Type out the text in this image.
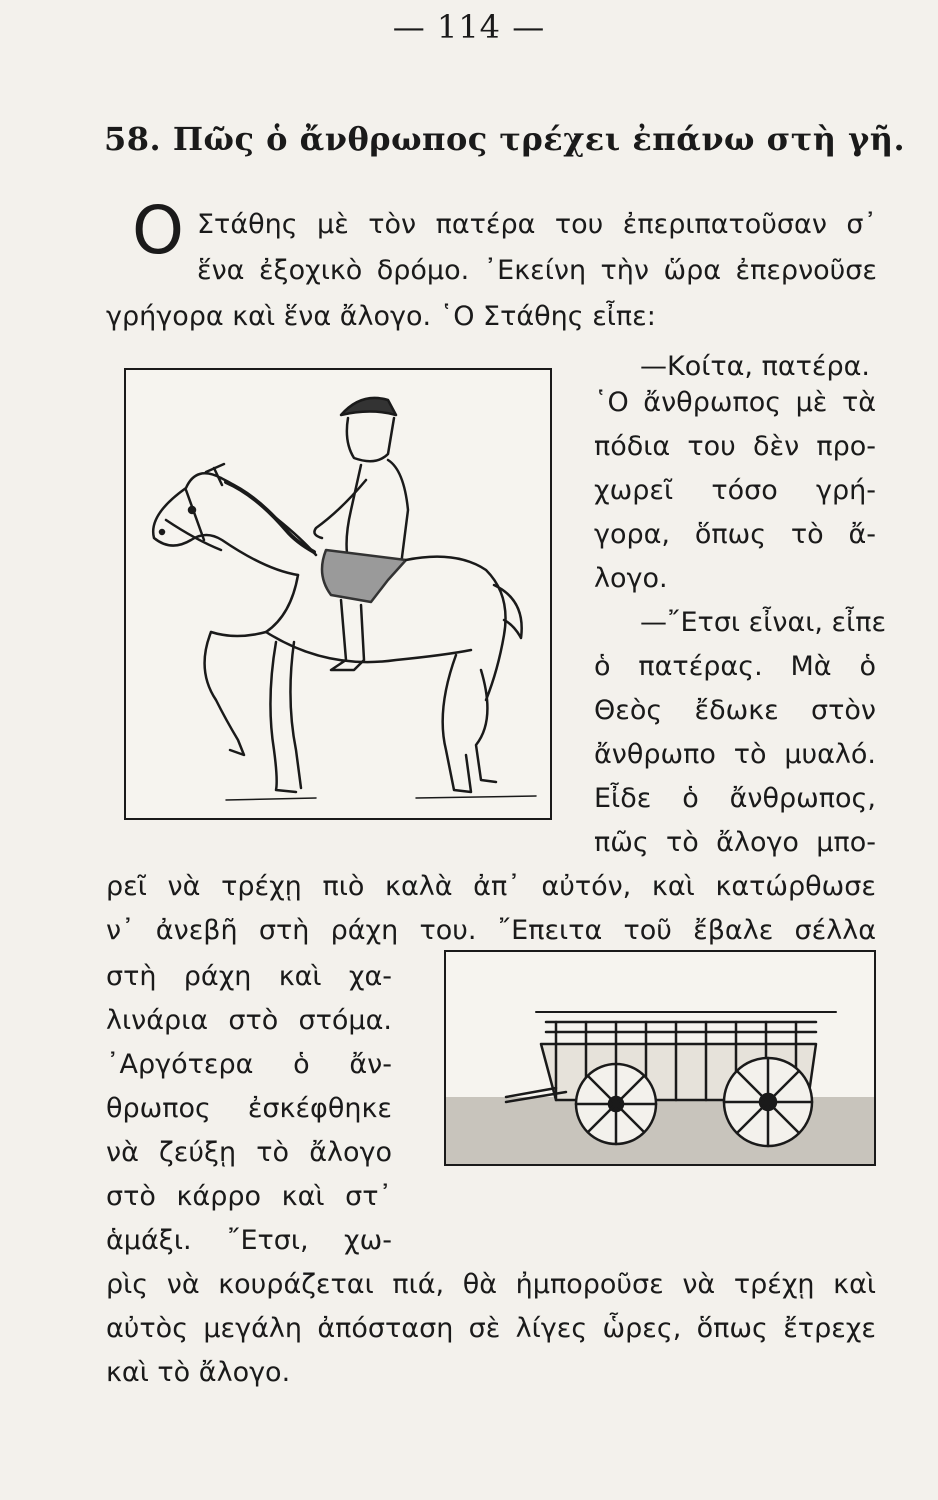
— 114 —
58. Πῶς ὁ ἄνθρωπος τρέχει ἐπάνω στὴ γῆ.
Ο Στάθης μὲ τὸν πατέρα του ἐπεριπατοῦσαν σ᾽
ἕνα ἐξοχικὸ δρόμο. ᾽Εκείνη τὴν ὥρα ἐπερνοῦσε
γρήγορα καὶ ἕνα ἄλογο. ῾Ο Στάθης εἶπε:
—Κοίτα, πατέρα.
῾Ο ἄνθρωπος μὲ τὰ
πόδια του δὲν προ-
χωρεῖ τόσο γρή-
γορα, ὅπως τὸ ἄ-
λογο.
—῎Ετσι εἶναι, εἶπε
ὁ πατέρας. Μὰ ὁ
Θεὸς ἔδωκε στὸν
ἄνθρωπο τὸ μυαλό.
Εἶδε ὁ ἄνθρωπος,
πῶς τὸ ἄλογο μπο-
ρεῖ νὰ τρέχῃ πιὸ καλὰ ἀπ᾽ αὐτόν, καὶ κατώρθωσε
ν᾽ ἀνεβῆ στὴ ράχη του. ῎Επειτα τοῦ ἔβαλε σέλλα
στὴ ράχη καὶ χα-
λινάρια στὸ στόμα.
᾽Αργότερα ὁ ἄν-
θρωπος ἐσκέφθηκε
νὰ ζεύξῃ τὸ ἄλογο
στὸ κάρρο καὶ στ᾽
ἁμάξι. ῎Ετσι, χω-
ρὶς νὰ κουράζεται πιά, θὰ ἠμποροῦσε νὰ τρέχῃ καὶ
αὐτὸς μεγάλη ἀπόσταση σὲ λίγες ὧρες, ὅπως ἔτρεχε
καὶ τὸ ἄλογο.
